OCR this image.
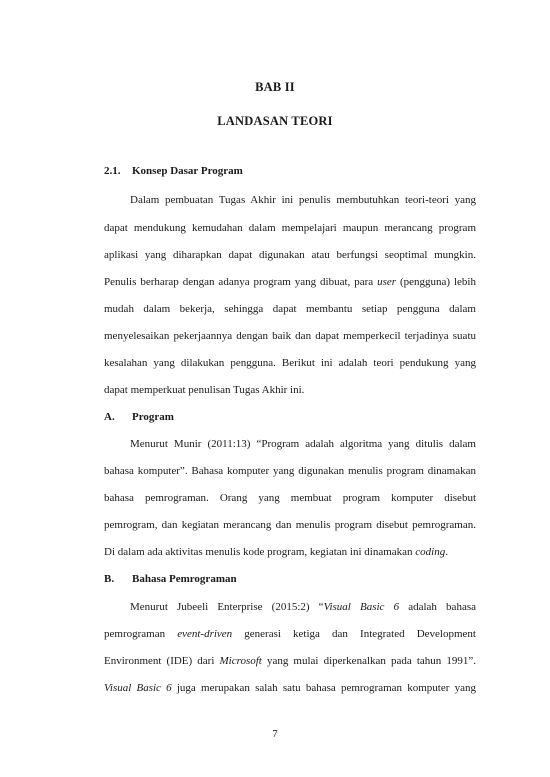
BAB II
LANDASAN TEORI
2.1. Konsep Dasar Program
Dalam pembuatan Tugas Akhir ini penulis membutuhkan teori-teori yang
dapat mendukung kemudahan dalam mempelajari maupun merancang program
aplikasi yang diharapkan dapat digunakan atau berfungsi seoptimal mungkin.
Penulis berharap dengan adanya program yang dibuat, para user (pengguna) lebih
mudah dalam bekerja, sehingga dapat membantu setiap pengguna dalam
menyelesaikan pekerjaannya dengan baik dan dapat memperkecil terjadinya suatu
kesalahan yang dilakukan pengguna. Berikut ini adalah teori pendukung yang
dapat memperkuat penulisan Tugas Akhir ini.
A. Program
Menurut Munir (2011:13) “Program adalah algoritma yang ditulis dalam
bahasa komputer”. Bahasa komputer yang digunakan menulis program dinamakan
bahasa pemrograman. Orang yang membuat program komputer disebut
pemrogram, dan kegiatan merancang dan menulis program disebut pemrograman.
Di dalam ada aktivitas menulis kode program, kegiatan ini dinamakan coding.
B. Bahasa Pemrograman
Menurut Jubeeli Enterprise (2015:2) “Visual Basic 6 adalah bahasa
pemrograman event-driven generasi ketiga dan Integrated Development
Environment (IDE) dari Microsoft yang mulai diperkenalkan pada tahun 1991”.
Visual Basic 6 juga merupakan salah satu bahasa pemrograman komputer yang
7
